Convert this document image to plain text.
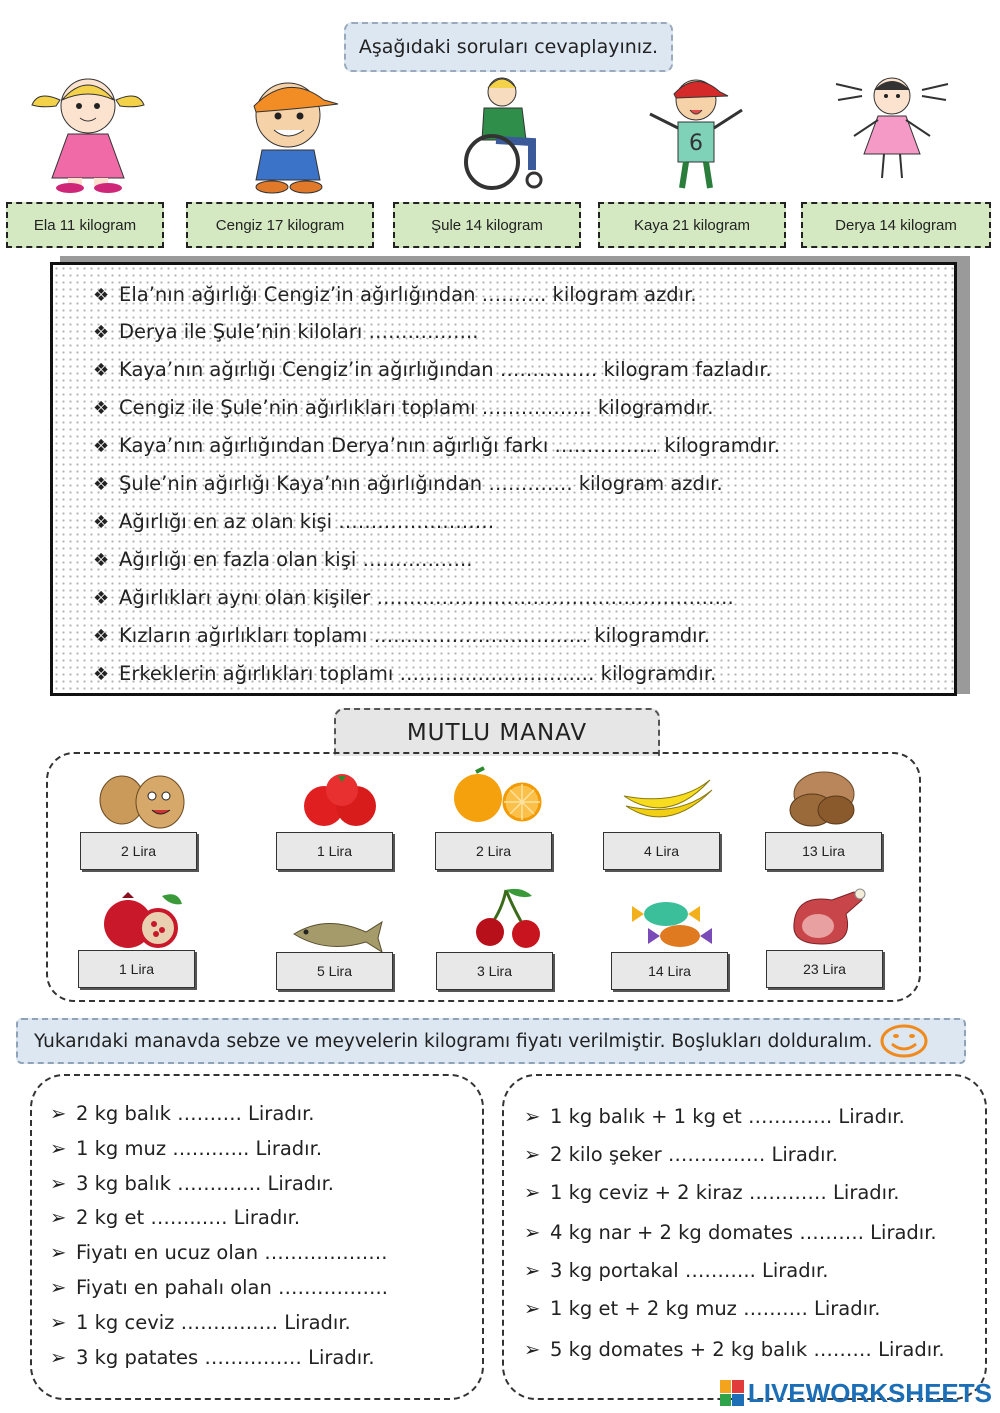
Aşağıdaki soruları cevaplayınız.
6
Ela 11 kilogram	Cengiz 17 kilogram	Şule 14 kilogram	Kaya 21 kilogram	Derya 14 kilogram
❖ Ela’nın ağırlığı Cengiz’in ağırlığından ………. kilogram azdır.
❖ Derya ile Şule’nin kiloları ……………..
❖ Kaya’nın ağırlığı Cengiz’in ağırlığından …………… kilogram fazladır.
❖ Cengiz ile Şule’nin ağırlıkları toplamı …………….. kilogramdır.
❖ Kaya’nın ağırlığından Derya’nın ağırlığı farkı ……………. kilogramdır.
❖ Şule’nin ağırlığı Kaya’nın ağırlığından …………. kilogram azdır.
❖ Ağırlığı en az olan kişi ……………………
❖ Ağırlığı en fazla olan kişi ……………..
❖ Ağırlıkları aynı olan kişiler ……………………………………………….
❖ Kızların ağırlıkları toplamı …………………………… kilogramdır.
❖ Erkeklerin ağırlıkları toplamı ………………………… kilogramdır.
MUTLU MANAV
2 Lira	1 Lira	2 Lira	4 Lira	13 Lira
1 Lira	5 Lira	3 Lira	14 Lira	23 Lira
Yukarıdaki manavda sebze ve meyvelerin kilogramı fiyatı verilmiştir. Boşlukları dolduralım.
➢ 2 kg balık ………. Liradır.
➢ 1 kg muz …….….. Liradır.
➢ 3 kg balık …………. Liradır.
➢ 2 kg et ……..…. Liradır.
➢ Fiyatı en ucuz olan ……………….
➢ Fiyatı en pahalı olan ……………..
➢ 1 kg ceviz …………… Liradır.
➢ 3 kg patates …………… Liradır.
➢ 1 kg balık + 1 kg et …………. Liradır.
➢ 2 kilo şeker …………… Liradır.
➢ 1 kg ceviz + 2 kiraz ………… Liradır.
➢ 4 kg nar + 2 kg domates ………. Liradır.
➢ 3 kg portakal ……….. Liradır.
➢ 1 kg et + 2 kg muz ………. Liradır.
➢ 5 kg domates + 2 kg balık ……… Liradır.
LIVEWORKSHEETS
